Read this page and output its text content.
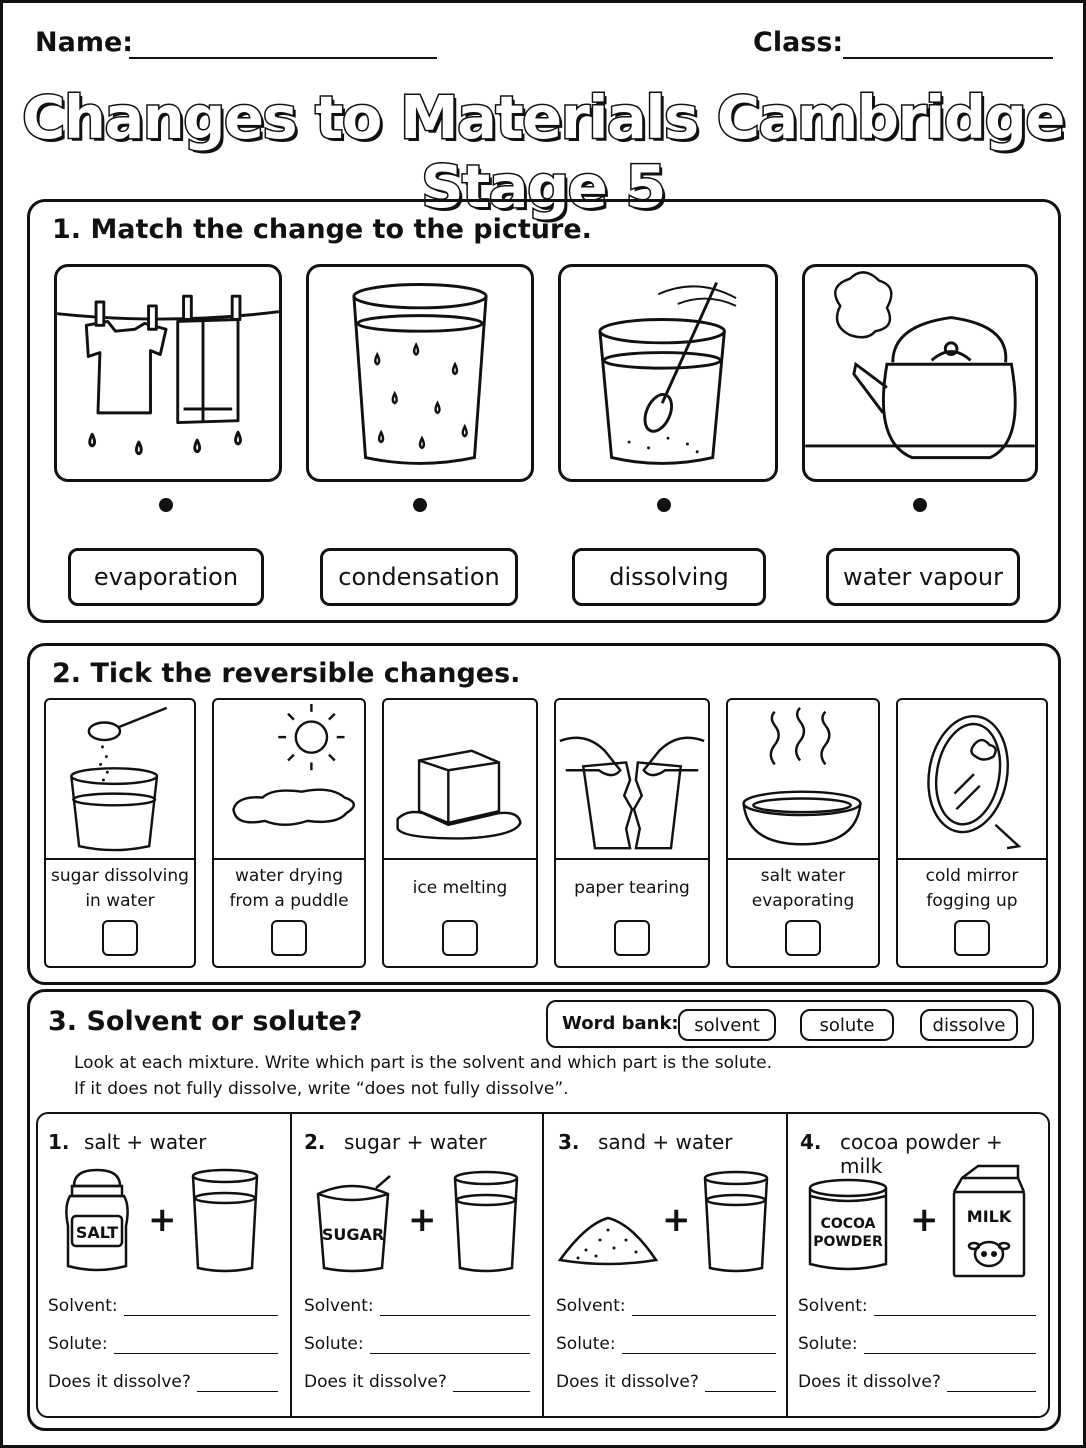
Name:	Class:
Changes to Materials Cambridge Stage 5
1. Match the change to the picture.
evaporation	condensation	dissolving	water vapour
2. Tick the reversible changes.
sugar dissolving
in water
water drying
from a puddle
ice melting	paper tearing
salt water
evaporating
cold mirror
fogging up
3. Solvent or solute?	Word bank: solvent	solute	dissolve
Look at each mixture. Write which part is the solvent and which part is the solute.
If it does not fully dissolve, write “does not fully dissolve”.
1. salt + water
SALT +
Solvent:
Solute:
Does it dissolve?
2. sugar + water
SUGAR +
Solvent:
Solute:
Does it dissolve?
3. sand + water
+
Solvent:
Solute:
Does it dissolve?
4. cocoa powder + milk
COCOA
POWDER
+ MILK
Solvent:
Solute:
Does it dissolve?
